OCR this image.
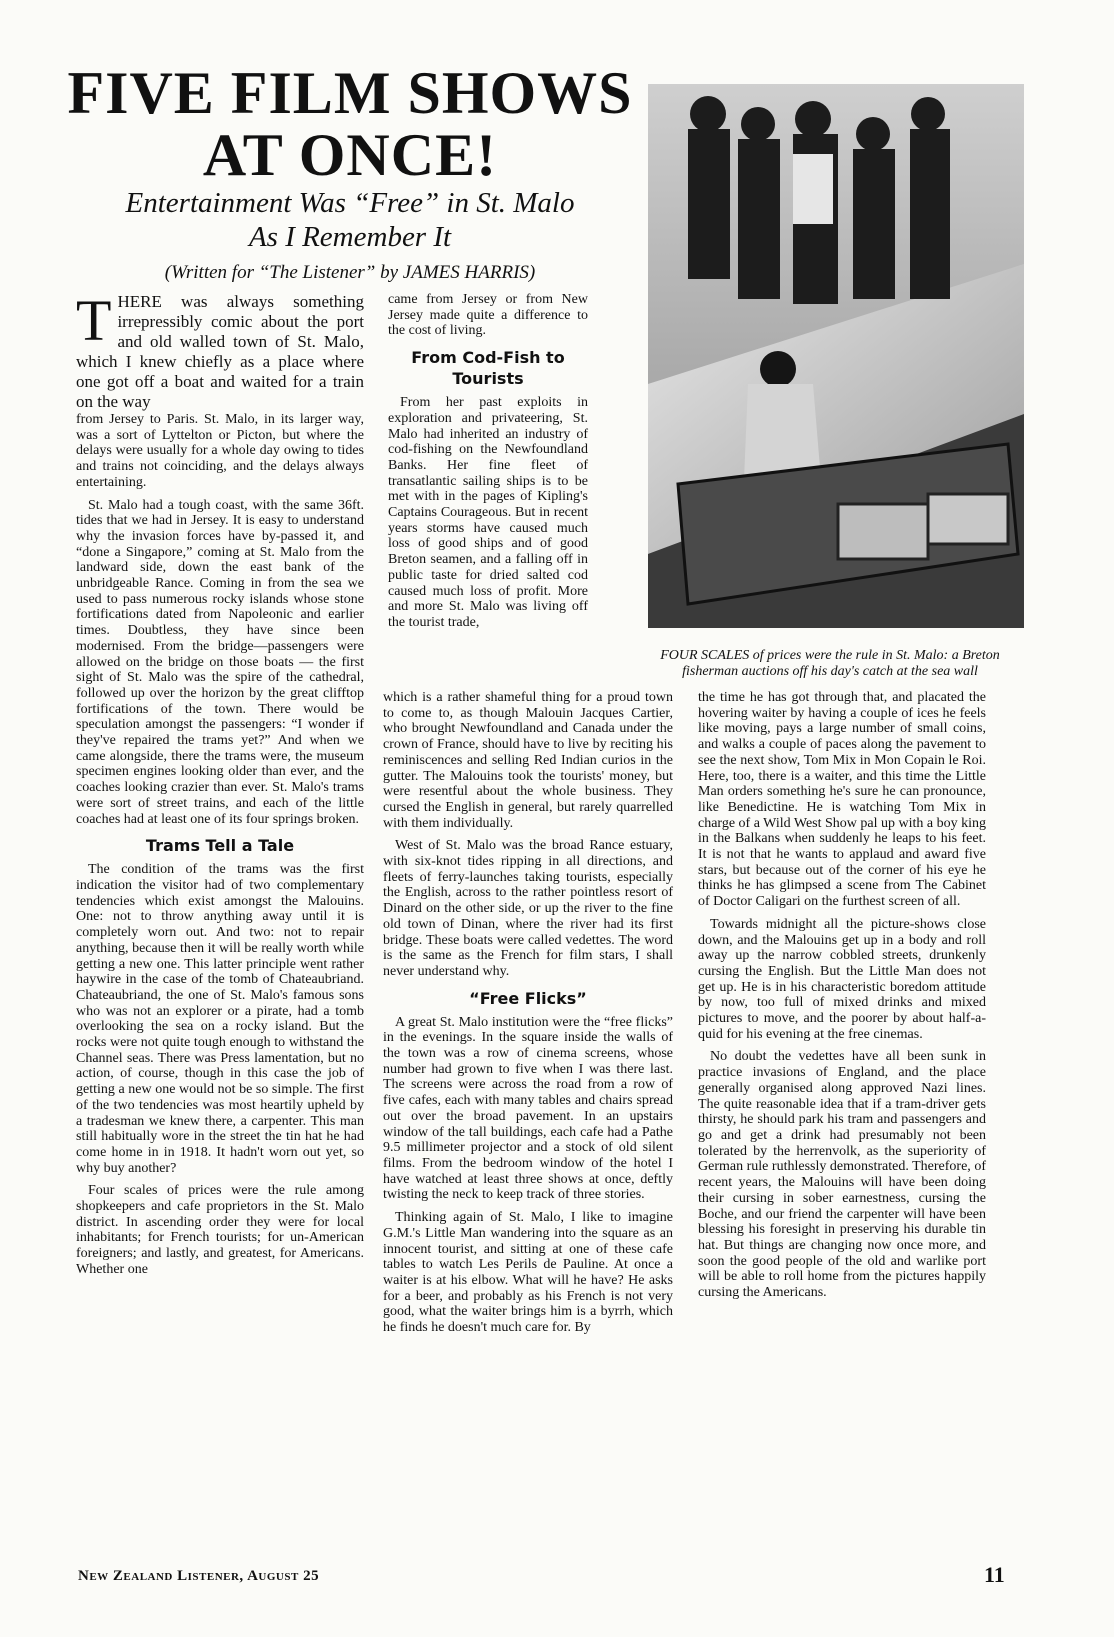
FIVE FILM SHOWS
AT ONCE!
Entertainment Was “Free” in St. Malo
As I Remember It
(Written for “The Listener” by JAMES HARRIS)
FOUR SCALES of prices were the rule in St. Malo: a Breton fisherman auctions off his day's catch at the sea wall
THERE was always something irrepressibly comic about the port and old walled town of St. Malo, which I knew chiefly as a place where one got off a boat and waited for a train on the way

from Jersey to Paris. St. Malo, in its larger way, was a sort of Lyttelton or Picton, but where the delays were usually for a whole day owing to tides and trains not coinciding, and the delays always entertaining.

St. Malo had a tough coast, with the same 36ft. tides that we had in Jersey. It is easy to understand why the invasion forces have by-passed it, and “done a Singapore,” coming at St. Malo from the landward side, down the east bank of the unbridgeable Rance. Coming in from the sea we used to pass numerous rocky islands whose stone fortifications dated from Napoleonic and earlier times. Doubtless, they have since been modernised. From the bridge—passengers were allowed on the bridge on those boats — the first sight of St. Malo was the spire of the cathedral, followed up over the horizon by the great clifftop fortifications of the town. There would be speculation amongst the passengers: “I wonder if they've repaired the trams yet?” And when we came alongside, there the trams were, the museum specimen engines looking older than ever, and the coaches looking crazier than ever. St. Malo's trams were sort of street trains, and each of the little coaches had at least one of its four springs broken.

Trams Tell a Tale

The condition of the trams was the first indication the visitor had of two complementary tendencies which exist amongst the Malouins. One: not to throw anything away until it is completely worn out. And two: not to repair anything, because then it will be really worth while getting a new one. This latter principle went rather haywire in the case of the tomb of Chateaubriand. Chateaubriand, the one of St. Malo's famous sons who was not an explorer or a pirate, had a tomb overlooking the sea on a rocky island. But the rocks were not quite tough enough to withstand the Channel seas. There was Press lamentation, but no action, of course, though in this case the job of getting a new one would not be so simple. The first of the two tendencies was most heartily upheld by a tradesman we knew there, a carpenter. This man still habitually wore in the street the tin hat he had come home in in 1918. It hadn't worn out yet, so why buy another?

Four scales of prices were the rule among shopkeepers and cafe proprietors in the St. Malo district. In ascending order they were for local inhabitants; for French tourists; for un-American foreigners; and lastly, and greatest, for Americans. Whether one

came from Jersey or from New Jersey made quite a difference to the cost of living.

From Cod-Fish to Tourists

From her past exploits in exploration and privateering, St. Malo had inherited an industry of cod-fishing on the Newfoundland Banks. Her fine fleet of transatlantic sailing ships is to be met with in the pages of Kipling's Captains Courageous. But in recent years storms have caused much loss of good ships and of good Breton seamen, and a falling off in public taste for dried salted cod caused much loss of profit. More and more St. Malo was living off the tourist trade,

which is a rather shameful thing for a proud town to come to, as though Malouin Jacques Cartier, who brought Newfoundland and Canada under the crown of France, should have to live by reciting his reminiscences and selling Red Indian curios in the gutter. The Malouins took the tourists' money, but were resentful about the whole business. They cursed the English in general, but rarely quarrelled with them individually.

West of St. Malo was the broad Rance estuary, with six-knot tides ripping in all directions, and fleets of ferry-launches taking tourists, especially the English, across to the rather pointless resort of Dinard on the other side, or up the river to the fine old town of Dinan, where the river had its first bridge. These boats were called vedettes. The word is the same as the French for film stars, I shall never understand why.

“Free Flicks”

A great St. Malo institution were the “free flicks” in the evenings. In the square inside the walls of the town was a row of cinema screens, whose number had grown to five when I was there last. The screens were across the road from a row of five cafes, each with many tables and chairs spread out over the broad pavement. In an upstairs window of the tall buildings, each cafe had a Pathe 9.5 millimeter projector and a stock of old silent films. From the bedroom window of the hotel I have watched at least three shows at once, deftly twisting the neck to keep track of three stories.

Thinking again of St. Malo, I like to imagine G.M.'s Little Man wandering into the square as an innocent tourist, and sitting at one of these cafe tables to watch Les Perils de Pauline. At once a waiter is at his elbow. What will he have? He asks for a beer, and probably as his French is not very good, what the waiter brings him is a byrrh, which he finds he doesn't much care for. By

the time he has got through that, and placated the hovering waiter by having a couple of ices he feels like moving, pays a large number of small coins, and walks a couple of paces along the pavement to see the next show, Tom Mix in Mon Copain le Roi. Here, too, there is a waiter, and this time the Little Man orders something he's sure he can pronounce, like Benedictine. He is watching Tom Mix in charge of a Wild West Show pal up with a boy king in the Balkans when suddenly he leaps to his feet. It is not that he wants to applaud and award five stars, but because out of the corner of his eye he thinks he has glimpsed a scene from The Cabinet of Doctor Caligari on the furthest screen of all.

Towards midnight all the picture-shows close down, and the Malouins get up in a body and roll away up the narrow cobbled streets, drunkenly cursing the English. But the Little Man does not get up. He is in his characteristic boredom attitude by now, too full of mixed drinks and mixed pictures to move, and the poorer by about half-a-quid for his evening at the free cinemas.

No doubt the vedettes have all been sunk in practice invasions of England, and the place generally organised along approved Nazi lines. The quite reasonable idea that if a tram-driver gets thirsty, he should park his tram and passengers and go and get a drink had presumably not been tolerated by the herrenvolk, as the superiority of German rule ruthlessly demonstrated. Therefore, of recent years, the Malouins will have been doing their cursing in sober earnestness, cursing the Boche, and our friend the carpenter will have been blessing his foresight in preserving his durable tin hat. But things are changing now once more, and soon the good people of the old and warlike port will be able to roll home from the pictures happily cursing the Americans.

New Zealand Listener, August 25	11
